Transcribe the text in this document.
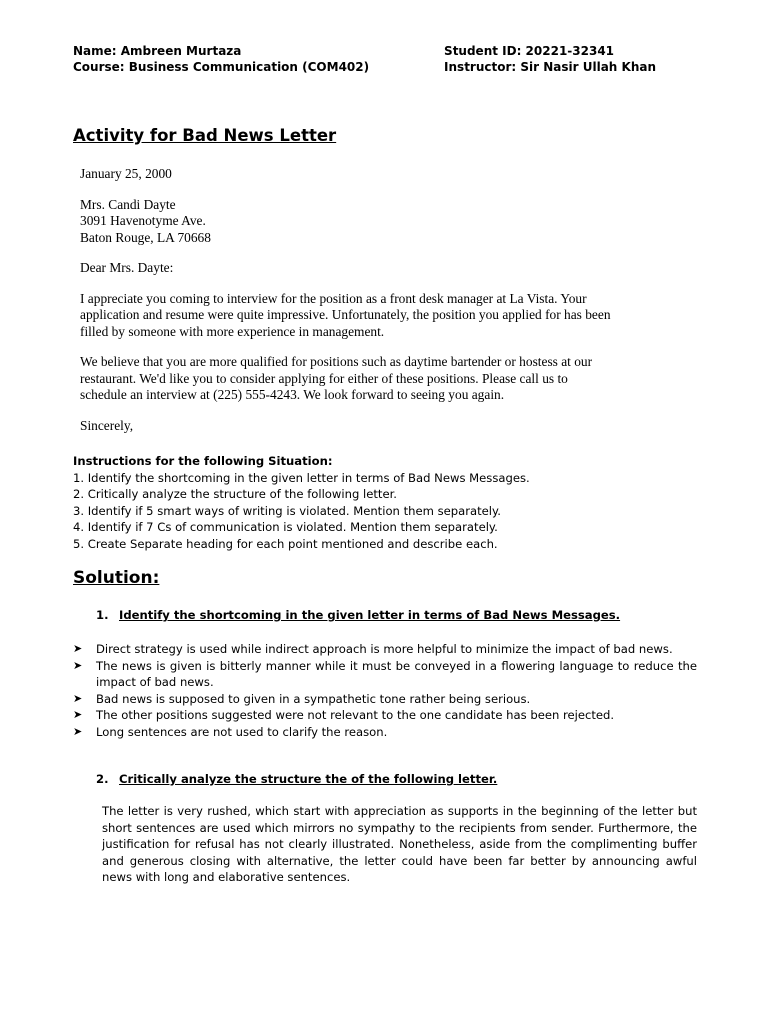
Name: Ambreen Murtaza
Course: Business Communication (COM402)
Student ID: 20221-32341
Instructor: Sir Nasir Ullah Khan
Activity for Bad News Letter
January 25, 2000
Mrs. Candi Dayte
3091 Havenotyme Ave.
Baton Rouge, LA 70668
Dear Mrs. Dayte:
I appreciate you coming to interview for the position as a front desk manager at La Vista. Your
application and resume were quite impressive. Unfortunately, the position you applied for has been
filled by someone with more experience in management.
We believe that you are more qualified for positions such as daytime bartender or hostess at our
restaurant. We'd like you to consider applying for either of these positions. Please call us to
schedule an interview at (225) 555-4243. We look forward to seeing you again.
Sincerely,
Instructions for the following Situation:
1. Identify the shortcoming in the given letter in terms of Bad News Messages.
2. Critically analyze the structure of the following letter.
3. Identify if 5 smart ways of writing is violated. Mention them separately.
4. Identify if 7 Cs of communication is violated. Mention them separately.
5. Create Separate heading for each point mentioned and describe each.
Solution:
1. Identify the shortcoming in the given letter in terms of Bad News Messages.
➤ Direct strategy is used while indirect approach is more helpful to minimize the impact of bad news.
➤ The news is given is bitterly manner while it must be conveyed in a flowering language to reduce the impact of bad news.
➤ Bad news is supposed to given in a sympathetic tone rather being serious.
➤ The other positions suggested were not relevant to the one candidate has been rejected.
➤ Long sentences are not used to clarify the reason.
2. Critically analyze the structure the of the following letter.

The letter is very rushed, which start with appreciation as supports in the beginning of the letter but short sentences are used which mirrors no sympathy to the recipients from sender. Furthermore, the justification for refusal has not clearly illustrated. Nonetheless, aside from the complimenting buffer and generous closing with alternative, the letter could have been far better by announcing awful news with long and elaborative sentences.
